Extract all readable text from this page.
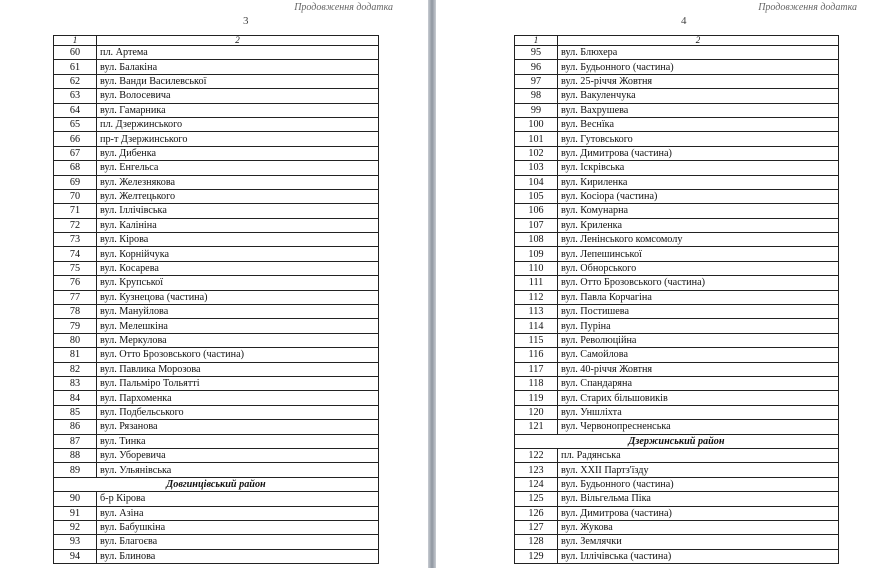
Продовження додатка
3
1	2
60	пл. Артема
61	вул. Балакіна
62	вул. Ванди Василевської
63	вул. Волосевича
64	вул. Гамарника
65	пл. Дзержинського
66	пр-т Дзержинського
67	вул. Дибенка
68	вул. Енгельса
69	вул. Железнякова
70	вул. Желтецького
71	вул. Іллічівська
72	вул. Калініна
73	вул. Кірова
74	вул. Корнійчука
75	вул. Косарева
76	вул. Крупської
77	вул. Кузнецова (частина)
78	вул. Мануйлова
79	вул. Мелешкіна
80	вул. Меркулова
81	вул. Отто Брозовського (частина)
82	вул. Павлика Морозова
83	вул. Пальміро Тольятті
84	вул. Пархоменка
85	вул. Подбельського
86	вул. Рязанова
87	вул. Тинка
88	вул. Уборевича
89	вул. Ульянівська
Довгинцівський район	
90	б-р Кірова
91	вул. Азіна
92	вул. Бабушкіна
93	вул. Благоєва
94	вул. Блинова
Продовження додатка
4
1	2
95	вул. Блюхера
96	вул. Будьонного (частина)
97	вул. 25-річчя Жовтня
98	вул. Вакуленчука
99	вул. Вахрушева
100	вул. Веснїка
101	вул. Гутовського
102	вул. Димитрова (частина)
103	вул. Іскрівська
104	вул. Кириленка
105	вул. Косіора (частина)
106	вул. Комунарна
107	вул. Криленка
108	вул. Ленінського комсомолу
109	вул. Лепешинської
110	вул. Обнорського
111	вул. Отто Брозовського (частина)
112	вул. Павла Корчагіна
113	вул. Постишева
114	вул. Пуріна
115	вул. Революційна
116	вул. Самойлова
117	вул. 40-річчя Жовтня
118	вул. Спандаряна
119	вул. Старих більшовиків
120	вул. Уншліхта
121	вул. Червонопресненська
Дзержинський район	
122	пл. Радянська
123	вул. ХХІІ Партз'їзду
124	вул. Будьонного (частина)
125	вул. Вільгельма Піка
126	вул. Димитрова (частина)
127	вул. Жукова
128	вул. Землячки
129	вул. Іллічівська (частина)
